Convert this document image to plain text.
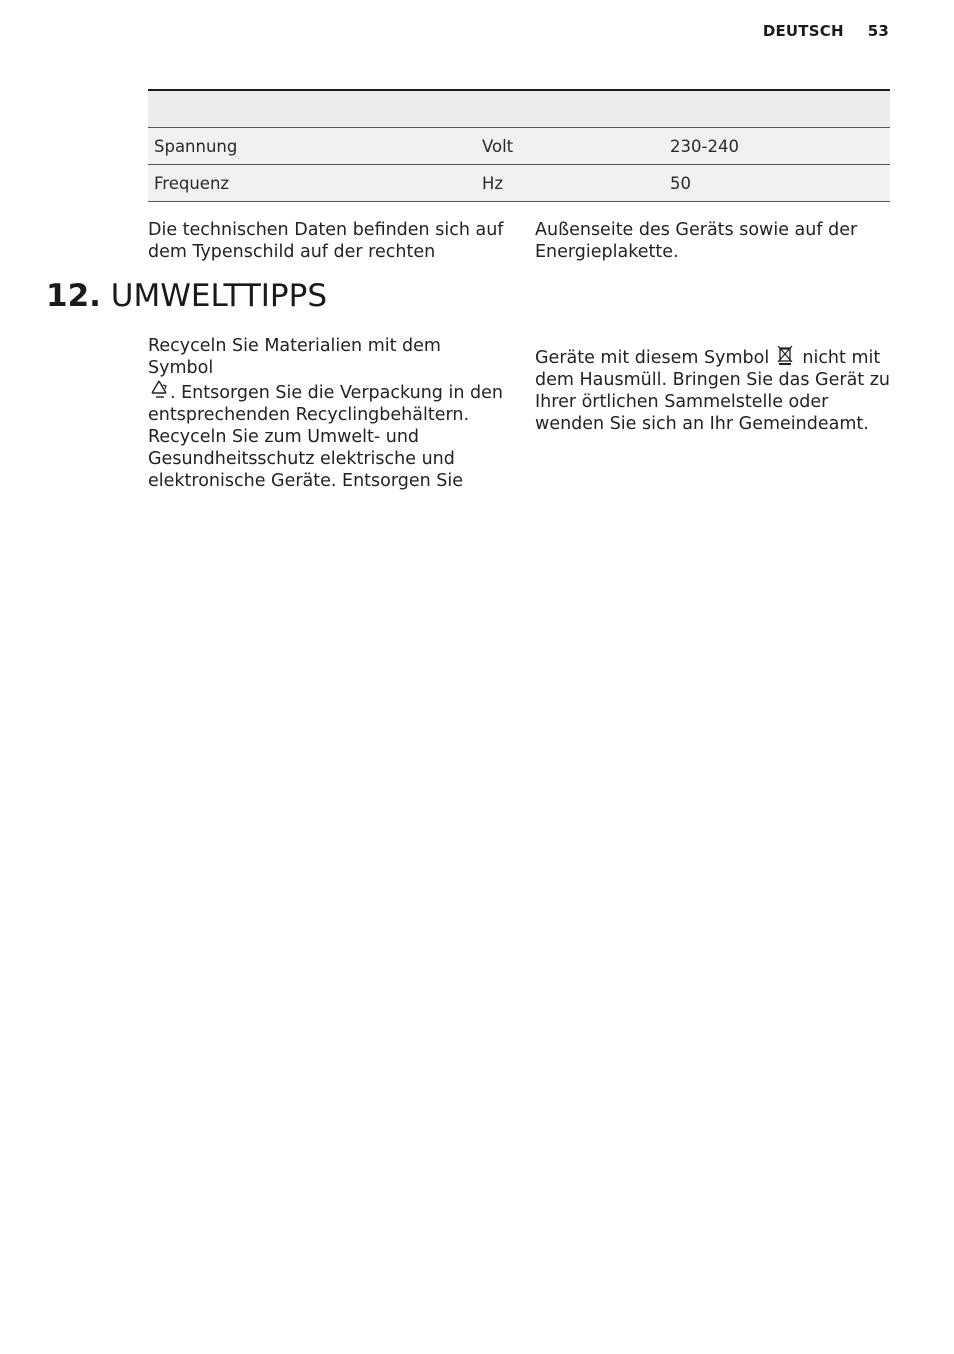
DEUTSCH 53

Spannung	Volt	230-240
Frequenz	Hz	50
Die technischen Daten befinden sich auf dem Typenschild auf der rechten
Außenseite des Geräts sowie auf der Energieplakette.
12. UMWELTTIPPS
Recyceln Sie Materialien mit dem Symbol
. Entsorgen Sie die Verpackung in den entsprechenden Recyclingbehältern. Recyceln Sie zum Umwelt- und Gesundheitsschutz elektrische und elektronische Geräte. Entsorgen Sie
Geräte mit diesem Symbol nicht mit dem Hausmüll. Bringen Sie das Gerät zu Ihrer örtlichen Sammelstelle oder wenden Sie sich an Ihr Gemeindeamt.
